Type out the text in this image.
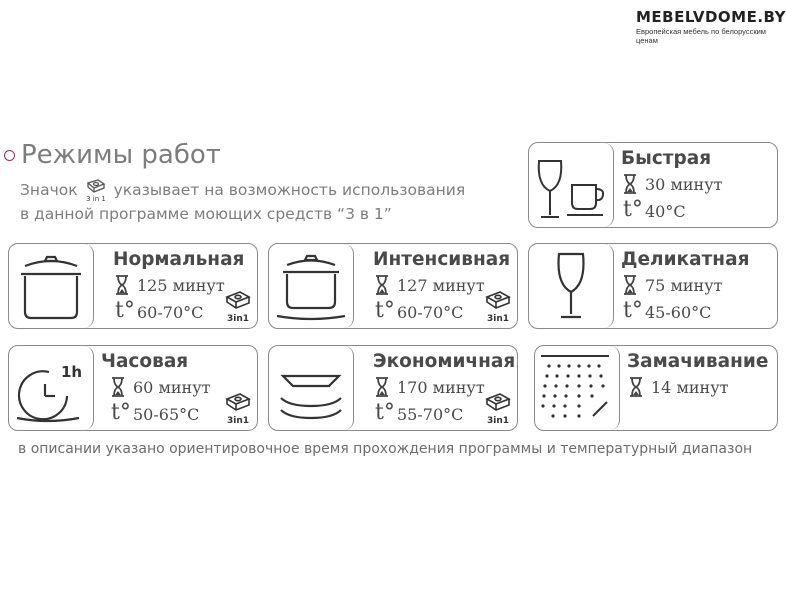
MEBELVDOME.BY
Европейская мебель по белорусским ценам
Режимы работ
Значок
3 in 1
указывает на возможность использования
в данной программе моющих средств “3 в 1”
Быстрая
30 минут
t° 40°C
Нормальная
125 минут
t° 60-70°C	3in1
Интенсивная
127 минут
t° 60-70°C	3in1
Деликатная
75 минут
t° 45-60°C
1h Часовая
60 минут
t° 50-65°C	3in1
Экономичная
170 минут
t° 55-70°C	3in1
Замачивание
14 минут
в описании указано ориентировочное время прохождения программы и температурный диапазон
